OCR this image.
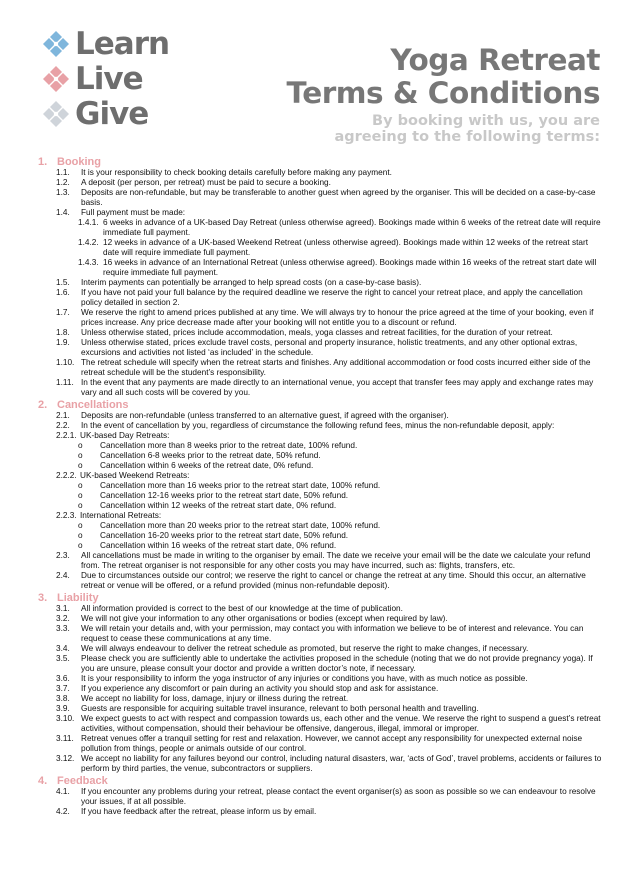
Learn
Live
Give
Yoga Retreat
Terms & Conditions
By booking with us, you are
agreeing to the following terms:
1. Booking
1.1.	It is your responsibility to check booking details carefully before making any payment.
1.2.	A deposit (per person, per retreat) must be paid to secure a booking.
1.3.	Deposits are non-refundable, but may be transferable to another guest when agreed by the organiser. This will be decided on a case-by-case basis.
1.4.	Full payment must be made:
1.4.1. 6 weeks in advance of a UK-based Day Retreat (unless otherwise agreed). Bookings made within 6 weeks of the retreat date will require immediate full payment.
1.4.2. 12 weeks in advance of a UK-based Weekend Retreat (unless otherwise agreed). Bookings made within 12 weeks of the retreat start date will require immediate full payment.
1.4.3. 16 weeks in advance of an International Retreat (unless otherwise agreed). Bookings made within 16 weeks of the retreat start date will require immediate full payment.
1.5.	Interim payments can potentially be arranged to help spread costs (on a case-by-case basis).
1.6.	If you have not paid your full balance by the required deadline we reserve the right to cancel your retreat place, and apply the cancellation policy detailed in section 2.
1.7.	We reserve the right to amend prices published at any time. We will always try to honour the price agreed at the time of your booking, even if prices increase. Any price decrease made after your booking will not entitle you to a discount or refund.
1.8.	Unless otherwise stated, prices include accommodation, meals, yoga classes and retreat facilities, for the duration of your retreat.
1.9.	Unless otherwise stated, prices exclude travel costs, personal and property insurance, holistic treatments, and any other optional extras, excursions and activities not listed ‘as included’ in the schedule.
1.10. The retreat schedule will specify when the retreat starts and finishes. Any additional accommodation or food costs incurred either side of the retreat schedule will be the student’s responsibility.
1.11. In the event that any payments are made directly to an international venue, you accept that transfer fees may apply and exchange rates may vary and all such costs will be covered by you.
2. Cancellations
2.1.	Deposits are non-refundable (unless transferred to an alternative guest, if agreed with the organiser).
2.2.	In the event of cancellation by you, regardless of circumstance the following refund fees, minus the non-refundable deposit, apply:
2.2.1. UK-based Day Retreats:
o	Cancellation more than 8 weeks prior to the retreat date, 100% refund.
o	Cancellation 6-8 weeks prior to the retreat date, 50% refund.
o	Cancellation within 6 weeks of the retreat date, 0% refund.
2.2.2. UK-based Weekend Retreats:
o	Cancellation more than 16 weeks prior to the retreat start date, 100% refund.
o	Cancellation 12-16 weeks prior to the retreat start date, 50% refund.
o	Cancellation within 12 weeks of the retreat start date, 0% refund.
2.2.3. International Retreats:
o	Cancellation more than 20 weeks prior to the retreat start date, 100% refund.
o	Cancellation 16-20 weeks prior to the retreat start date, 50% refund.
o	Cancellation within 16 weeks of the retreat start date, 0% refund.
2.3.	All cancellations must be made in writing to the organiser by email. The date we receive your email will be the date we calculate your refund from. The retreat organiser is not responsible for any other costs you may have incurred, such as: flights, transfers, etc.
2.4.	Due to circumstances outside our control; we reserve the right to cancel or change the retreat at any time. Should this occur, an alternative retreat or venue will be offered, or a refund provided (minus non-refundable deposit).
3. Liability
3.1.	All information provided is correct to the best of our knowledge at the time of publication.
3.2.	We will not give your information to any other organisations or bodies (except when required by law).
3.3.	We will retain your details and, with your permission, may contact you with information we believe to be of interest and relevance. You can request to cease these communications at any time.
3.4.	We will always endeavour to deliver the retreat schedule as promoted, but reserve the right to make changes, if necessary.
3.5.	Please check you are sufficiently able to undertake the activities proposed in the schedule (noting that we do not provide pregnancy yoga). If you are unsure, please consult your doctor and provide a written doctor’s note, if necessary.
3.6.	It is your responsibility to inform the yoga instructor of any injuries or conditions you have, with as much notice as possible.
3.7.	If you experience any discomfort or pain during an activity you should stop and ask for assistance.
3.8.	We accept no liability for loss, damage, injury or illness during the retreat.
3.9.	Guests are responsible for acquiring suitable travel insurance, relevant to both personal health and travelling.
3.10. We expect guests to act with respect and compassion towards us, each other and the venue. We reserve the right to suspend a guest’s retreat activities, without compensation, should their behaviour be offensive, dangerous, illegal, immoral or improper.
3.11. Retreat venues offer a tranquil setting for rest and relaxation. However, we cannot accept any responsibility for unexpected external noise pollution from things, people or animals outside of our control.
3.12. We accept no liability for any failures beyond our control, including natural disasters, war, ‘acts of God’, travel problems, accidents or failures to perform by third parties, the venue, subcontractors or suppliers.
4. Feedback
4.1.	If you encounter any problems during your retreat, please contact the event organiser(s) as soon as possible so we can endeavour to resolve your issues, if at all possible.
4.2.	If you have feedback after the retreat, please inform us by email.
